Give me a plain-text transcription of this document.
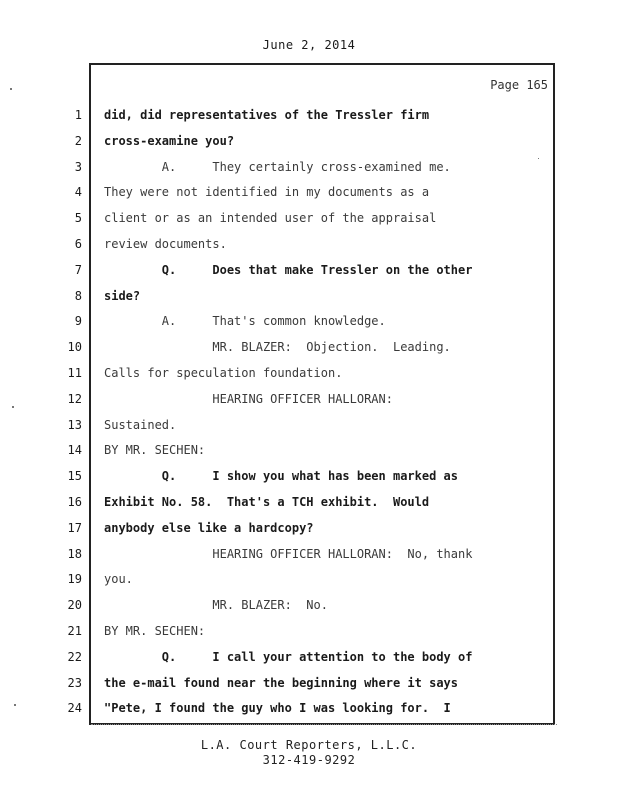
June 2, 2014
Page 165
1 did, did representatives of the Tressler firm
2 cross-examine you?
3 A.     They certainly cross-examined me.
4 They were not identified in my documents as a
5 client or as an intended user of the appraisal
6 review documents.
7 Q.     Does that make Tressler on the other
8 side?
9 A.     That's common knowledge.
10 MR. BLAZER:  Objection.  Leading.
11 Calls for speculation foundation.
12 HEARING OFFICER HALLORAN:
13 Sustained.
14 BY MR. SECHEN:
15 Q.     I show you what has been marked as
16 Exhibit No. 58.  That's a TCH exhibit.  Would
17 anybody else like a hardcopy?
18 HEARING OFFICER HALLORAN:  No, thank
19 you.
20 MR. BLAZER:  No.
21 BY MR. SECHEN:
22 Q.     I call your attention to the body of
23 the e-mail found near the beginning where it says
24 "Pete, I found the guy who I was looking for.  I
L.A. Court Reporters, L.L.C.
312-419-9292
